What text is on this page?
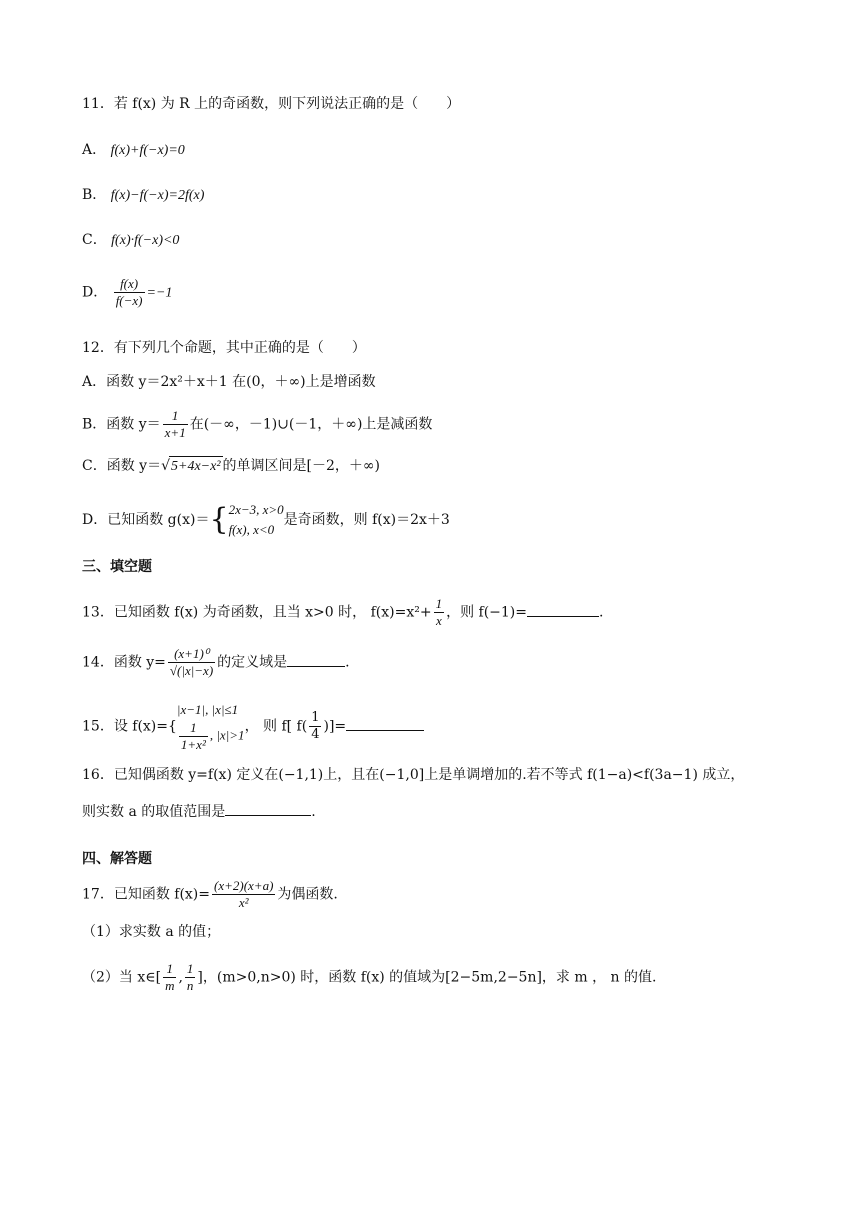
11．若 f(x) 为 R 上的奇函数，则下列说法正确的是（　　）
A． f(x)+f(−x)=0
B． f(x)−f(−x)=2f(x)
C． f(x)·f(−x)<0
D． $\frac{f(x)}{f(-x)} =-1$
12．有下列几个命题，其中正确的是（　　）
A．函数 y＝2x²＋x＋1 在(0，＋∞)上是增函数
B．函数 $y= \frac{1}{x+1}$ 在(－∞，－1)∪(－1，＋∞)上是减函数
C．函数 y＝√5+4x−x² 的单调区间是[－2，＋∞)
D．已知函数 g(x)＝{ 2x−3, x>0
f(x), x<0
是奇函数，则 f(x)＝2x＋3
三、填空题
13．已知函数 f(x) 为奇函数，且当 x>0 时， $f(x)=x^2+ \frac{1}{x}$ ，则 f(−1)=	.
14．函数 $y= \frac{\text{(x+1)⁰}}{√(|x|-x)}$ 的定义域是	.
15．设 f(x)={
|x−1|, |x|≤1
$\frac{1}{\text{1+x²}}$ , |x|>1
， 则 f[ $f( \frac{1}{4}$ )]=
16．已知偶函数 y=f(x) 定义在(−1,1)上，且在(−1,0]上是单调增加的.若不等式 f(1−a)<f(3a−1) 成立，
则实数 a 的取值范围是	.
四、解答题
17．已知函数 $f(x)= \frac{(x+2)(x+a)}{\text{x²}}$ 为偶函数.
（1）求实数 a 的值；
（2）当 x∈[ $\frac{1}{m}$ , $\frac{1}{n}$ ]，(m>0,n>0) 时，函数 f(x) 的值域为[2−5m,2−5n]，求 m ， n 的值.
